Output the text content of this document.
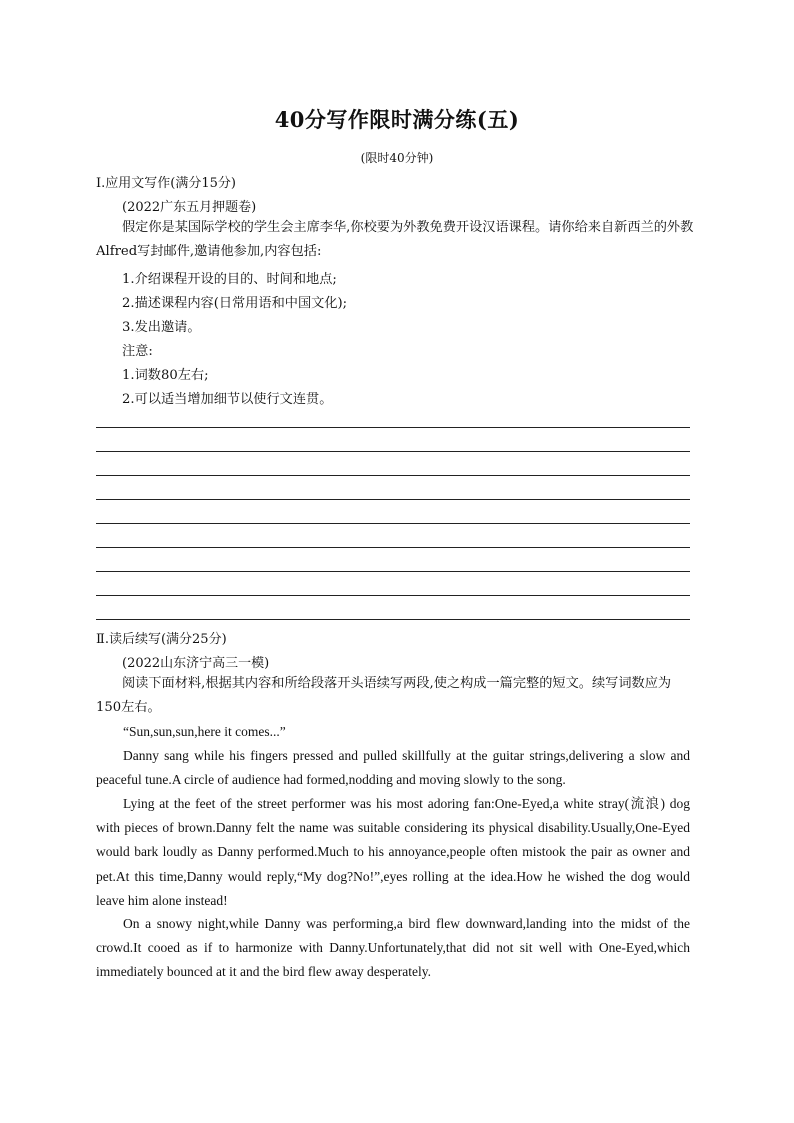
40分写作限时满分练(五)
(限时40分钟)
Ⅰ.应用文写作(满分15分)
(2022广东五月押题卷)

假定你是某国际学校的学生会主席李华,你校要为外教免费开设汉语课程。请你给来自新西兰的外教Alfred写封邮件,邀请他参加,内容包括:

1.介绍课程开设的目的、时间和地点;
2.描述课程内容(日常用语和中国文化);
3.发出邀请。
注意:
1.词数80左右;
2.可以适当增加细节以使行文连贯。
Ⅱ.读后续写(满分25分)
(2022山东济宁高三一模)

阅读下面材料,根据其内容和所给段落开头语续写两段,使之构成一篇完整的短文。续写词数应为150左右。

“Sun,sun,sun,here it comes...”

Danny sang while his fingers pressed and pulled skillfully at the guitar strings,delivering a slow and peaceful tune.A circle of audience had formed,nodding and moving slowly to the song.

Lying at the feet of the street performer was his most adoring fan:One-Eyed,a white stray(流浪) dog with pieces of brown.Danny felt the name was suitable considering its physical disability.Usually,One-Eyed would bark loudly as Danny performed.Much to his annoyance,people often mistook the pair as owner and pet.At this time,Danny would reply,“My dog?No!”,eyes rolling at the idea.How he wished the dog would leave him alone instead!

On a snowy night,while Danny was performing,a bird flew downward,landing into the midst of the crowd.It cooed as if to harmonize with Danny.Unfortunately,that did not sit well with One-Eyed,which immediately bounced at it and the bird flew away desperately.
